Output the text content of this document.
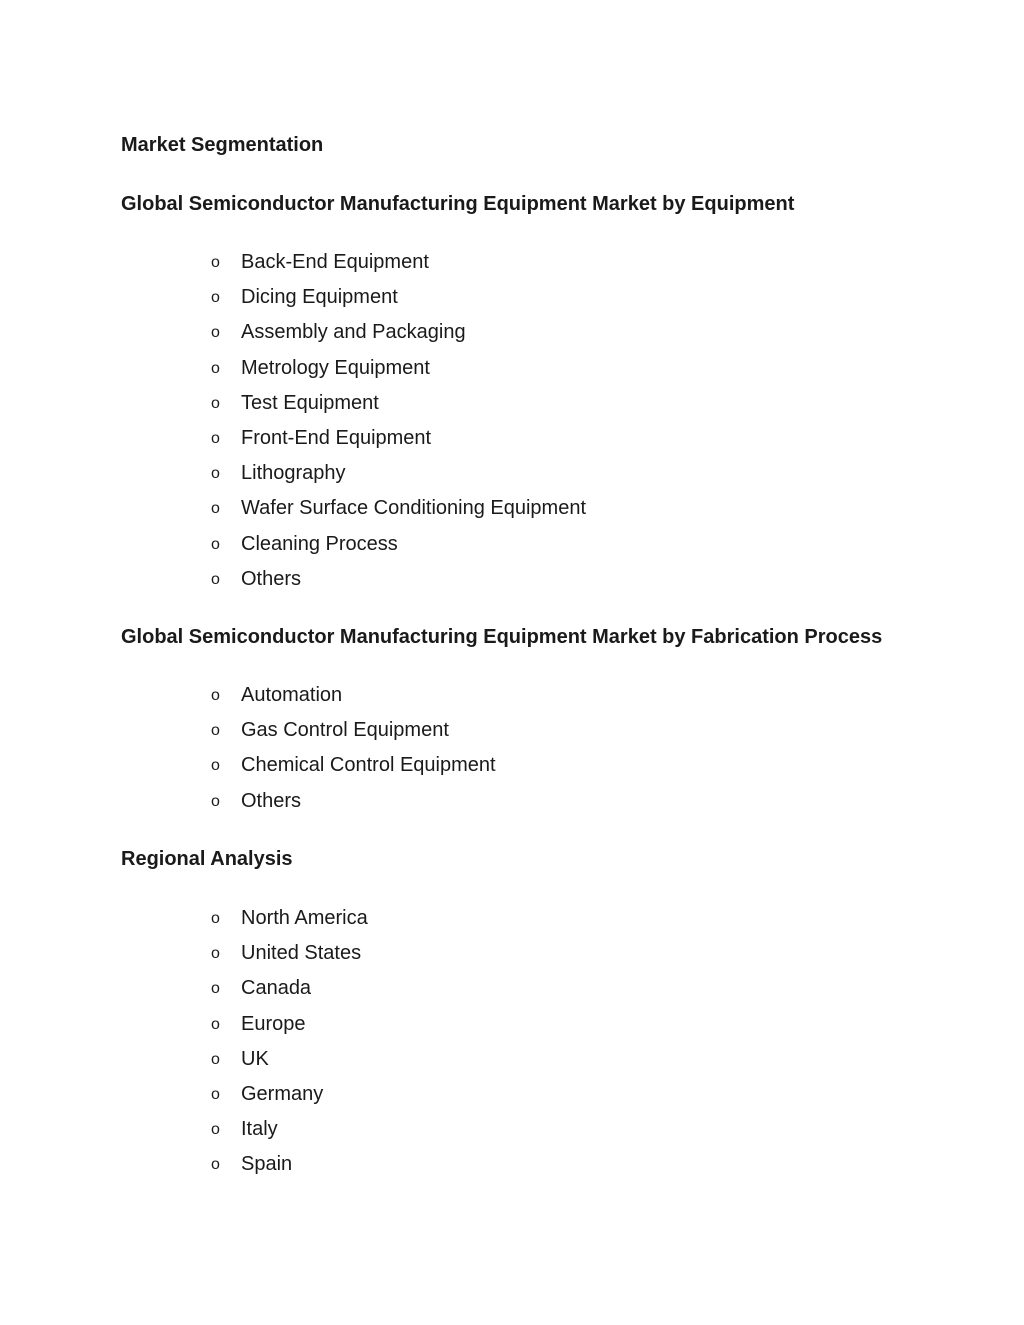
Market Segmentation
Global Semiconductor Manufacturing Equipment Market by Equipment
o Back-End Equipment
o Dicing Equipment
o Assembly and Packaging
o Metrology Equipment
o Test Equipment
o Front-End Equipment
o Lithography
o Wafer Surface Conditioning Equipment
o Cleaning Process
o Others
Global Semiconductor Manufacturing Equipment Market by Fabrication Process
o Automation
o Gas Control Equipment
o Chemical Control Equipment
o Others
Regional Analysis
o North America
o United States
o Canada
o Europe
o UK
o Germany
o Italy
o Spain
